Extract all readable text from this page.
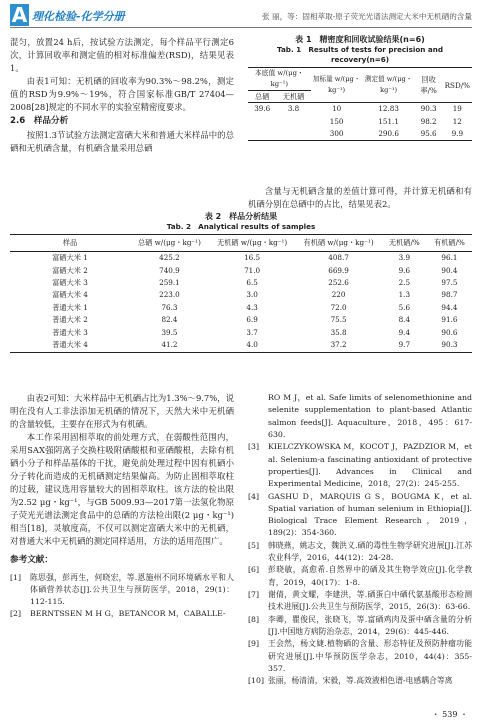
A 理化检验-化学分册	张 丽，等：固相萃取-原子荧光光谱法测定大米中无机硒的含量

混匀，放置24 h后，按试验方法测定，每个样品平行测定6次，计算回收率和测定值的相对标准偏差(RSD)，结果见表1。

由表1可知：无机硒的回收率为90.3%～98.2%，测定值的RSD为9.9%～19%，符合国家标准GB/T 27404—2008[28]规定的不同水平的实验室精密度要求。

2.6　样品分析

按照1.3节试验方法测定富硒大米和普通大米样品中的总硒和无机硒含量，有机硒含量采用总硒

表 1　精密度和回收试验结果(n=6)
Tab. 1　Results of tests for precision and recovery(n=6)
本底值 w/(μg・kg⁻¹)		加标量 w/(μg・kg⁻¹)	测定值 w/(μg・kg⁻¹)	回收率/%	RSD/%
总硒	无机硒				
39.6	3.8	10	12.83	90.3	19
		150	151.1	98.2	12
		300	290.6	95.6	9.9

含量与无机硒含量的差值计算可得，并计算无机硒和有机硒分别在总硒中的占比，结果见表2。

表 2　样品分析结果
Tab. 2　Analytical results of samples
样品	总硒 w/(μg・kg⁻¹)	无机硒 w/(μg・kg⁻¹)	有机硒 w/(μg・kg⁻¹)	无机硒/%	有机硒/%
富硒大米 1	425.2	16.5	408.7	3.9	96.1
富硒大米 2	740.9	71.0	669.9	9.6	90.4
富硒大米 3	259.1	6.5	252.6	2.5	97.5
富硒大米 4	223.0	3.0	220	1.3	98.7
普通大米 1	76.3	4.3	72.0	5.6	94.4
普通大米 2	82.4	6.9	75.5	8.4	91.6
普通大米 3	39.5	3.7	35.8	9.4	90.6
普通大米 4	41.2	4.0	37.2	9.7	90.3

由表2可知：大米样品中无机硒占比为1.3%～9.7%，说明在没有人工非法添加无机硒的情况下，天然大米中无机硒的含量较低，主要存在形式为有机硒。

本工作采用固相萃取的前处理方式，在弱酸性范围内，采用SAX强阴离子交换柱吸附硒酸根和亚硒酸根，去除有机硒小分子和样品基体的干扰，避免前处理过程中因有机硒小分子转化而造成的无机硒测定结果偏高。为防止固相萃取柱的过载，建议选用容量较大的固相萃取柱。该方法的检出限为2.52 μg・kg⁻¹，与GB 5009.93—2017第一法氢化物原子荧光光谱法测定食品中的总硒的方法检出限(2 μg・kg⁻¹)相当[18]，灵敏度高，不仅可以测定富硒大米中的无机硒，对普通大米中无机硒的测定同样适用，方法的适用范围广。

参考文献：

[1]	陈思强，彭再生，何晓宏，等.恩施州不同环境硒水平和人体硒营养状态[J].公共卫生与预防医学，2018，29(1)：112-115.
[2]	BERNTSSEN M H G，BETANCOR M，CABALLE-
RO M J，et al. Safe limits of selenomethionine and selenite supplementation to plant-based Atlantic salmon feeds[J]. Aquaculture，2018，495：617-630.
[3]	KIELCZYKOWSKA M，KOCOT J，PAZDZIOR M，et al. Selenium-a fascinating antioxidant of protective properties[J]. Advances in Clinical and Experimental Medicine，2018，27(2)：245-255.
[4]	GASHU D，MARQUIS G S，BOUGMA K，et al. Spatial variation of human selenium in Ethiopia[J]. Biological Trace Element Research，2019，189(2)：354-360.
[5]	韩晓燕，姚志文，魏洪义.硒的毒性生物学研究进展[J].江苏农业科学，2016，44(12)：24-28.
[6]	彭晓敏，高愈希.自然界中的硒及其生物学效应[J].化学教育，2019，40(17)：1-8.
[7]	谢倩，黄文耀，李建洪，等.硒蛋白中硒代氨基酸形态检测技术进展[J].公共卫生与预防医学，2015，26(3)：63-66.
[8]	李卿，瞿俊民，张晓飞，等.富硒鸡肉及蛋中硒含量的分析[J].中国地方病防治杂志，2014，29(6)：445-446.
[9]	王会然，杨文婕.植物硒的含量、形态特征及预防肿瘤功能研究进展[J].中华预防医学杂志，2010，44(4)：355-357.
[10] 张丽，杨清清，宋毅，等.高效液相色谱-电感耦合等离
・ 539 ・
